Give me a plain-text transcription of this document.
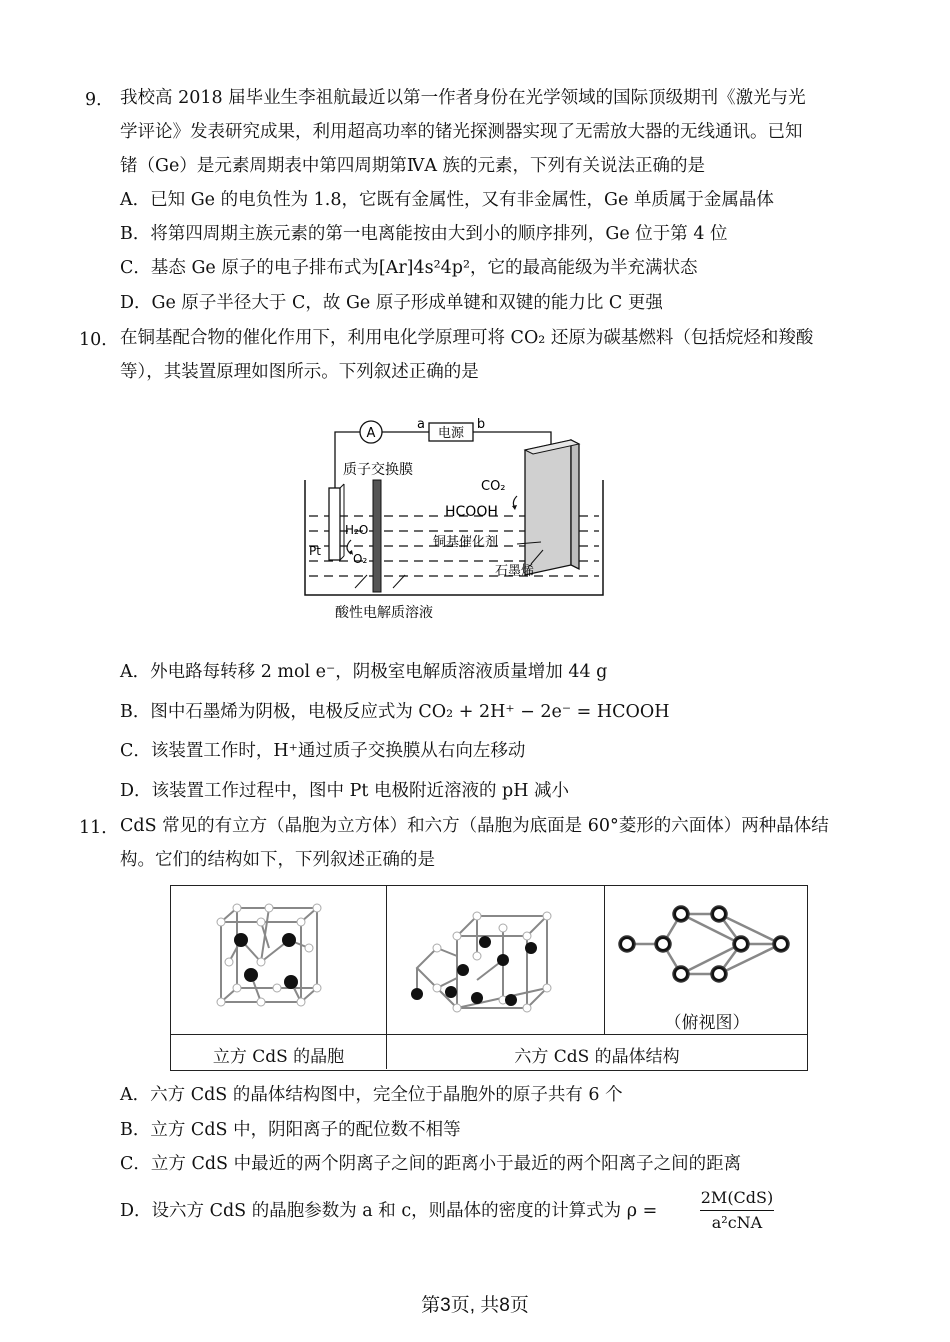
9． 我校高 2018 届毕业生李祖航最近以第一作者身份在光学领域的国际顶级期刊《激光与光
学评论》发表研究成果，利用超高功率的锗光探测器实现了无需放大器的无线通讯。已知
锗（Ge）是元素周期表中第四周期第ⅣA 族的元素，下列有关说法正确的是
A．已知 Ge 的电负性为 1.8，它既有金属性，又有非金属性，Ge 单质属于金属晶体
B．将第四周期主族元素的第一电离能按由大到小的顺序排列，Ge 位于第 4 位
C．基态 Ge 原子的电子排布式为[Ar]4s²4p²，它的最高能级为半充满状态
D．Ge 原子半径大于 C，故 Ge 原子形成单键和双键的能力比 C 更强
10． 在铜基配合物的催化作用下，利用电化学原理可将 CO₂ 还原为碳基燃料（包括烷烃和羧酸
等），其装置原理如图所示。下列叙述正确的是
A	电源
a	b
Pt
质子交换膜
H₂O
O₂
CO₂
HCOOH
铜基催化剂
石墨烯
酸性电解质溶液
A．外电路每转移 2 mol e⁻，阴极室电解质溶液质量增加 44 g
B．图中石墨烯为阴极，电极反应式为 CO₂ + 2H⁺ − 2e⁻ = HCOOH
C．该装置工作时，H⁺通过质子交换膜从右向左移动
D．该装置工作过程中，图中 Pt 电极附近溶液的 pH 减小
11． CdS 常见的有立方（晶胞为立方体）和六方（晶胞为底面是 60°菱形的六面体）两种晶体结
构。它们的结构如下，下列叙述正确的是
（俯视图）
立方 CdS 的晶胞	六方 CdS 的晶体结构
A．六方 CdS 的晶体结构图中，完全位于晶胞外的原子共有 6 个
B．立方 CdS 中，阴阳离子的配位数不相等
C．立方 CdS 中最近的两个阴离子之间的距离小于最近的两个阳离子之间的距离
D．设六方 CdS 的晶胞参数为 a 和 c，则晶体的密度的计算式为 ρ =
2M(CdS)
a²cNA
第3页, 共8页
